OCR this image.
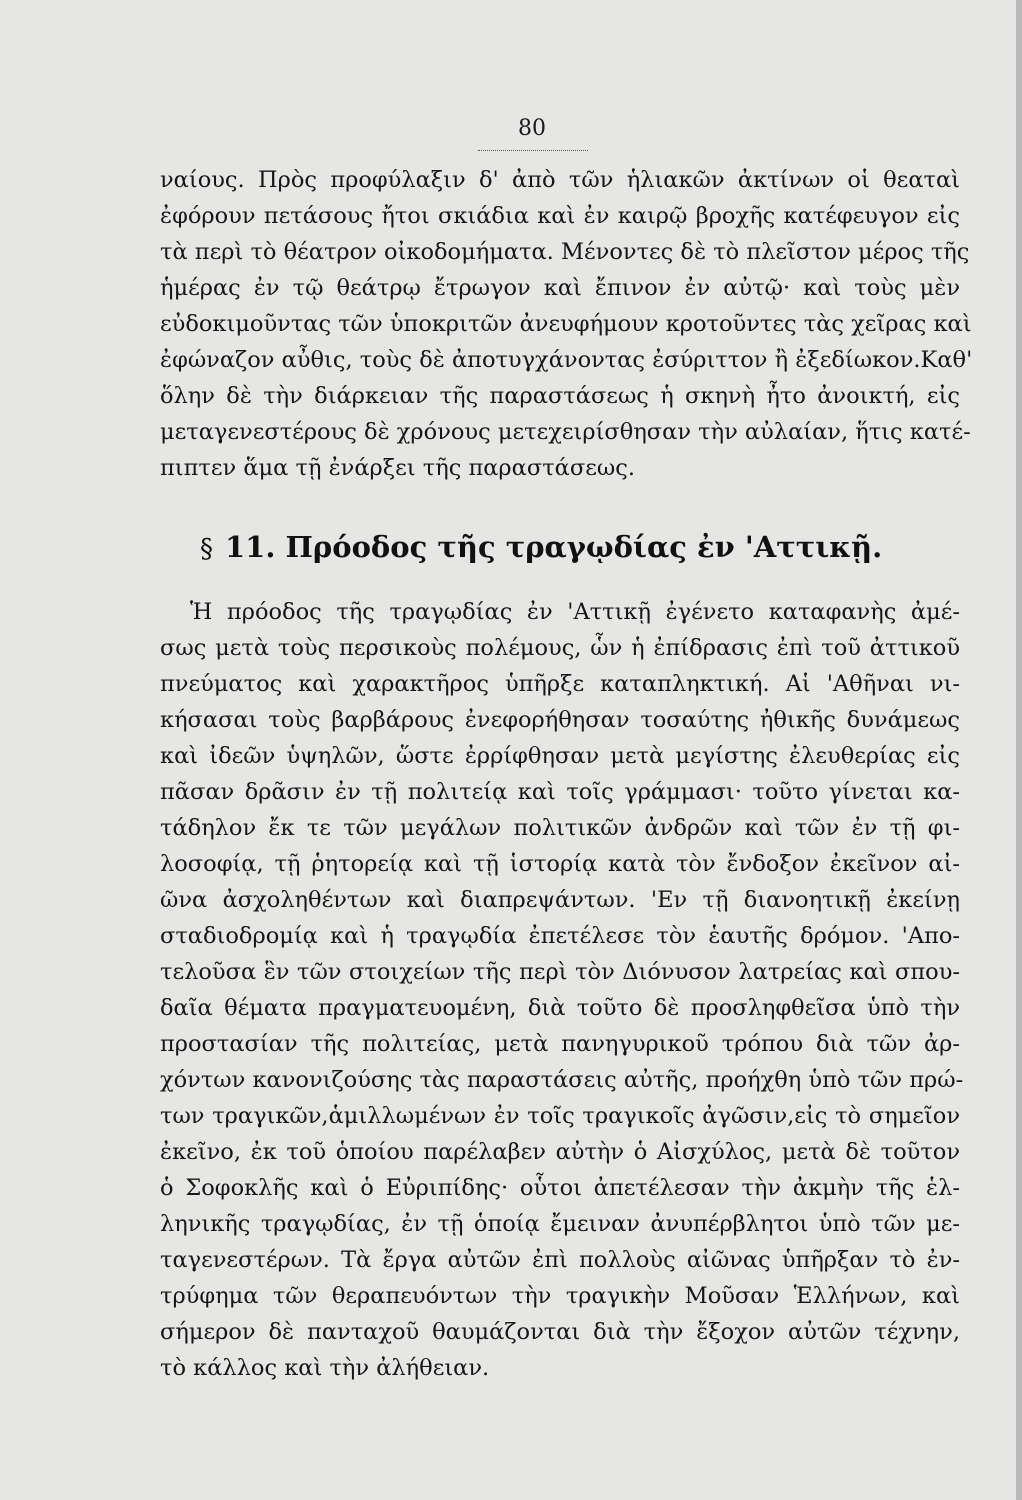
80
ναίους. Πρὸς προφύλαξιν δ' ἀπὸ τῶν ἡλιακῶν ἀκτίνων οἱ θεαταὶ
ἐφόρουν πετάσους ἤτοι σκιάδια καὶ ἐν καιρῷ βροχῆς κατέφευγον εἰς
τὰ περὶ τὸ θέατρον οἰκοδομήματα. Μένοντες δὲ τὸ πλεῖστον μέρος τῆς
ἡμέρας ἐν τῷ θεάτρῳ ἔτρωγον καὶ ἔπινον ἐν αὐτῷ· καὶ τοὺς μὲν
εὐδοκιμοῦντας τῶν ὑποκριτῶν ἀνευφήμουν κροτοῦντες τὰς χεῖρας καὶ
ἐφώναζον αὖθις, τοὺς δὲ ἀποτυγχάνοντας ἐσύριττον ἢ ἐξεδίωκον.Καθ'
ὅλην δὲ τὴν διάρκειαν τῆς παραστάσεως ἡ σκηνὴ ἦτο ἀνοικτή, εἰς
μεταγενεστέρους δὲ χρόνους μετεχειρίσθησαν τὴν αὐλαίαν, ἥτις κατέ-
πιπτεν ἅμα τῇ ἐνάρξει τῆς παραστάσεως.
§ 11. Πρόοδος τῆς τραγῳδίας ἐν 'Αττικῇ.
Ἡ πρόοδος τῆς τραγῳδίας ἐν 'Αττικῇ ἐγένετο καταφανὴς ἀμέ-
σως μετὰ τοὺς περσικοὺς πολέμους, ὧν ἡ ἐπίδρασις ἐπὶ τοῦ ἀττικοῦ
πνεύματος καὶ χαρακτῆρος ὑπῆρξε καταπληκτική. Αἱ 'Αθῆναι νι-
κήσασαι τοὺς βαρβάρους ἐνεφορήθησαν τοσαύτης ἠθικῆς δυνάμεως
καὶ ἰδεῶν ὑψηλῶν, ὥστε ἐρρίφθησαν μετὰ μεγίστης ἐλευθερίας εἰς
πᾶσαν δρᾶσιν ἐν τῇ πολιτείᾳ καὶ τοῖς γράμμασι· τοῦτο γίνεται κα-
τάδηλον ἔκ τε τῶν μεγάλων πολιτικῶν ἀνδρῶν καὶ τῶν ἐν τῇ φι-
λοσοφίᾳ, τῇ ῥητορείᾳ καὶ τῇ ἱστορίᾳ κατὰ τὸν ἔνδοξον ἐκεῖνον αἰ-
ῶνα ἀσχοληθέντων καὶ διαπρεψάντων. 'Εν τῇ διανοητικῇ ἐκείνῃ
σταδιοδρομίᾳ καὶ ἡ τραγῳδία ἐπετέλεσε τὸν ἑαυτῆς δρόμον. 'Απο-
τελοῦσα ἓν τῶν στοιχείων τῆς περὶ τὸν Διόνυσον λατρείας καὶ σπου-
δαῖα θέματα πραγματευομένη, διὰ τοῦτο δὲ προσληφθεῖσα ὑπὸ τὴν
προστασίαν τῆς πολιτείας, μετὰ πανηγυρικοῦ τρόπου διὰ τῶν ἀρ-
χόντων κανονιζούσης τὰς παραστάσεις αὐτῆς, προήχθη ὑπὸ τῶν πρώ-
των τραγικῶν,ἁμιλλωμένων ἐν τοῖς τραγικοῖς ἀγῶσιν,εἰς τὸ σημεῖον
ἐκεῖνο, ἐκ τοῦ ὁποίου παρέλαβεν αὐτὴν ὁ Αἰσχύλος, μετὰ δὲ τοῦτον
ὁ Σοφοκλῆς καὶ ὁ Εὐριπίδης· οὗτοι ἀπετέλεσαν τὴν ἀκμὴν τῆς ἑλ-
ληνικῆς τραγῳδίας, ἐν τῇ ὁποίᾳ ἔμειναν ἀνυπέρβλητοι ὑπὸ τῶν με-
ταγενεστέρων. Τὰ ἔργα αὐτῶν ἐπὶ πολλοὺς αἰῶνας ὑπῆρξαν τὸ ἐν-
τρύφημα τῶν θεραπευόντων τὴν τραγικὴν Μοῦσαν Ἑλλήνων, καὶ
σήμερον δὲ πανταχοῦ θαυμάζονται διὰ τὴν ἔξοχον αὐτῶν τέχνην,
τὸ κάλλος καὶ τὴν ἀλήθειαν.
